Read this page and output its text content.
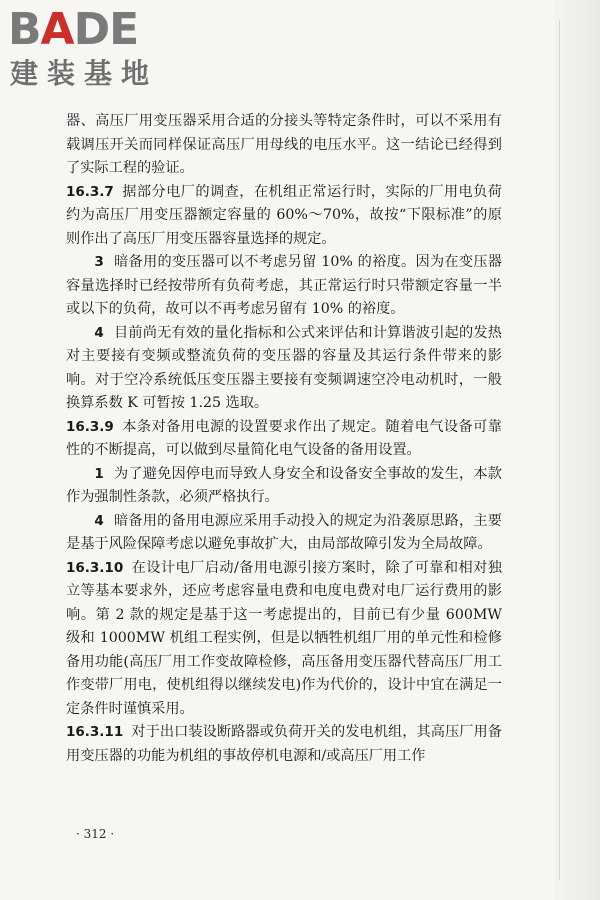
BADE
建装基地

器、高压厂用变压器采用合适的分接头等特定条件时，可以不采用有载调压开关而同样保证高压厂用母线的电压水平。这一结论已经得到了实际工程的验证。

16.3.7 据部分电厂的调查，在机组正常运行时，实际的厂用电负荷约为高压厂用变压器额定容量的 60%～70%，故按“下限标准”的原则作出了高压厂用变压器容量选择的规定。

3 暗备用的变压器可以不考虑另留 10% 的裕度。因为在变压器容量选择时已经按带所有负荷考虑，其正常运行时只带额定容量一半或以下的负荷，故可以不再考虑另留有 10% 的裕度。

4 目前尚无有效的量化指标和公式来评估和计算谐波引起的发热对主要接有变频或整流负荷的变压器的容量及其运行条件带来的影响。对于空冷系统低压变压器主要接有变频调速空冷电动机时，一般换算系数 K 可暂按 1.25 选取。

16.3.9 本条对备用电源的设置要求作出了规定。随着电气设备可靠性的不断提高，可以做到尽量简化电气设备的备用设置。

1 为了避免因停电而导致人身安全和设备安全事故的发生，本款作为强制性条款，必须严格执行。

4 暗备用的备用电源应采用手动投入的规定为沿袭原思路，主要是基于风险保障考虑以避免事故扩大，由局部故障引发为全局故障。

16.3.10 在设计电厂启动/备用电源引接方案时，除了可靠和相对独立等基本要求外，还应考虑容量电费和电度电费对电厂运行费用的影响。第 2 款的规定是基于这一考虑提出的，目前已有少量 600MW 级和 1000MW 机组工程实例，但是以牺牲机组厂用的单元性和检修备用功能(高压厂用工作变故障检修，高压备用变压器代替高压厂用工作变带厂用电，使机组得以继续发电)作为代价的，设计中宜在满足一定条件时谨慎采用。

16.3.11 对于出口装设断路器或负荷开关的发电机组，其高压厂用备用变压器的功能为机组的事故停机电源和/或高压厂用工作

· 312 ·
